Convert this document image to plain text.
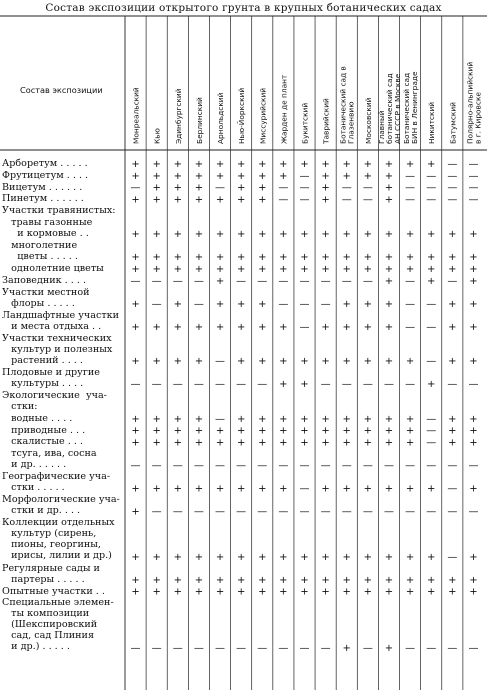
Состав экспозиции открытого грунта в крупных ботанических садах
Состав экспозиции	Монреальский Кью Эдинбургский Берлинский Арнольдский Нью-Йоркский Миссурийский Жарден де плант Букитский Таврийский Ботанический сад в Глазенвию Московский Главный ботанический сад АН СССР в Москве Ботанический сад БИН в Ленинграде Никитский Батумский Полярно-альпийский в г. Кировске
+ + + + + + + + + + + + + + + — —
+ + + + + + + + — + + + + — — — —
— + + + — + + — — + — — + — — — —
+ + + + + + + — — + — — + — — — —
+ + + + + + + + + + + + + + + + +
+ + + + + + + + + + + + + + + + +
+ + + + + + + + + + + + + + + + +
— — — — + — — — — — — — + — + — +
+ — + — + + + — — — + + + — — + +
+ + + + + + + + — + + + + — — + +
+ + + + — + + + + + + + + + — + +
— — — — — — — + + — — — — — + — —
+ + + + — + + + + + + + + + — + +
+ + + + + + + + + + + + + + — + +
+ + + + + + + + + + + + + + — + +
— — — — — — — — — — — — — — — — —
+ + + + + + + + — + + + + + + — +
+ — — — — — — — — — — — — — — — —
+ + + + + + + + + + + + + + + — +
+ + + + + + + + + + + + + + + + +
+ + + + + + + + + + + + + + + + +
— — — — — — — — — — + — + — — — —
Арборетум . . . . .
Фрутицетум . . . .
Вицетум . . . . . .
Пинетум . . . . . .
Участки травянистых:
травы газонные
и кормовые . .
многолетние
цветы . . . . .
однолетние цветы
Заповедник . . . .
Участки местной
флоры . . . . .
Ландшафтные участки
и места отдыха . .
Участки технических
культур и полезных
растений . . . .
Плодовые и другие
культуры . . . .
Экологические  уча-
стки:
водные . . . .
приводные . . .
скалистые . . .
тсуга, ива, сосна
и др. . . . . .
Географические уча-
стки . . . . .
Морфологические уча-
стки и др. . . .
Коллекции отдельных
культур (сирень,
пионы, георгины,
ирисы, лилии и др.)
Регулярные сады и
партеры . . . . .
Опытные участки . .
Специальные элемен-
ты композиции
(Шекспировский
сад, сад Плиния
и др.) . . . . .
